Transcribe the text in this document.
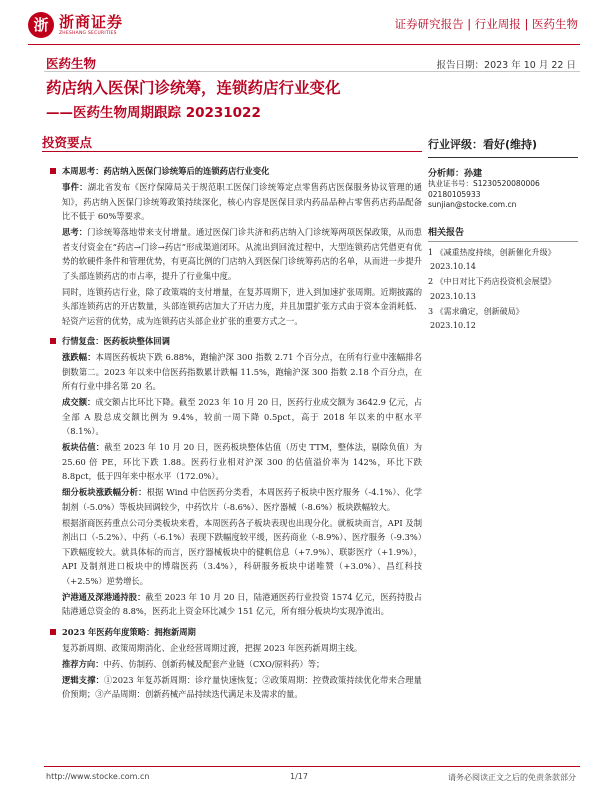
浙 浙商证券
ZHESHANG SECURITIES
证券研究报告 | 行业周报 | 医药生物
医药生物	报告日期：2023 年 10 月 22 日
药店纳入医保门诊统筹，连锁药店行业变化
——医药生物周期跟踪 20231022
投资要点

本周思考：药店纳入医保门诊统筹后的连锁药店行业变化

事件：湖北省发布《医疗保障局关于规范职工医保门诊统筹定点零售药店医保服务协议管理的通知》，药店纳入医保门诊统筹政策持续深化，核心内容是医保目录内药品品种占零售药店药品配备比不低于 60%等要求。

思考：门诊统筹落地带来支付增量。通过医保门诊共济和药店纳入门诊统筹两项医保政策，从而患者支付资金在“药店→门诊→药店”形成渠道闭环。从流出到回流过程中，大型连锁药店凭借更有优势的软硬件条件和管理优势，有更高比例的门店纳入到医保门诊统筹药店的名单，从而进一步提升了头部连锁药店的市占率，提升了行业集中度。

同时，连锁药店行业，除了政策端的支付增量，在复苏周期下，进入到加速扩张周期。近期披露的头部连锁药店的开店数量，头部连锁药店加大了开店力度，并且加盟扩张方式由于资本金消耗低、轻资产运营的优势，成为连锁药店头部企业扩张的重要方式之一。

行情复盘：医药板块整体回调

涨跌幅：本周医药板块下跌 6.88%，跑输沪深 300 指数 2.71 个百分点，在所有行业中涨幅排名倒数第二。2023 年以来中信医药指数累计跌幅 11.5%，跑输沪深 300 指数 2.18 个百分点，在所有行业中排名第 20 名。

成交额：成交额占比环比下降。截至 2023 年 10 月 20 日，医药行业成交额为 3642.9 亿元，占全部 A 股总成交额比例为 9.4%，较前一周下降 0.5pct，高于 2018 年以来的中枢水平（8.1%）。

板块估值：截至 2023 年 10 月 20 日，医药板块整体估值（历史 TTM，整体法，剔除负值）为 25.60 倍 PE，环比下跌 1.88。医药行业相对沪深 300 的估值溢价率为 142%，环比下跌 8.8pct，低于四年来中枢水平（172.0%）。

细分板块涨跌幅分析：根据 Wind 中信医药分类看，本周医药子板块中医疗服务（-4.1%）、化学制剂（-5.0%）等板块回调较少，中药饮片（-8.6%）、医疗器械（-8.6%）板块跌幅较大。

根据浙商医药重点公司分类板块来看，本周医药各子板块表现也出现分化。就板块而言，API 及制剂出口（-5.2%）、中药（-6.1%）表现下跌幅度较平缓，医药商业（-8.9%）、医疗服务（-9.3%）下跌幅度较大。就具体标的而言，医疗器械板块中的健帆信息（+7.9%）、联影医疗（+1.9%），API 及制剂进口板块中的博瑞医药（3.4%），科研服务板块中诺唯赞（+3.0%）、昌红科技（+2.5%）逆势增长。

沪港通及深港通持股：截至 2023 年 10 月 20 日，陆港通医药行业投资 1574 亿元，医药持股占陆港通总资金的 8.8%，医药北上资金环比减少 151 亿元，所有细分板块均实现净流出。

2023 年医药年度策略：拥抱新周期

复苏新周期、政策周期消化、企业经营周期过渡，把握 2023 年医药新周期主线。

推荐方向：中药、仿制药、创新药械及配套产业链（CXO/原料药）等；

逻辑支撑：①2023 年复苏新周期：诊疗量快速恢复；②政策周期：控费政策持续优化带来合理量价预期；③产品周期：创新药械产品持续迭代满足未及需求的量。

行业评级：看好(维持)
分析师：孙建
执业证书号：S1230520080006
02180105933
sunjian@stocke.com.cn
相关报告
1 《减重热度持续，创新催化升级》
2023.10.14
2 《中日对比下药店投资机会展望》
2023.10.13
3 《需求确定，创新破局》
2023.10.12
http://www.stocke.com.cn	1/17	请务必阅读正文之后的免责条款部分
